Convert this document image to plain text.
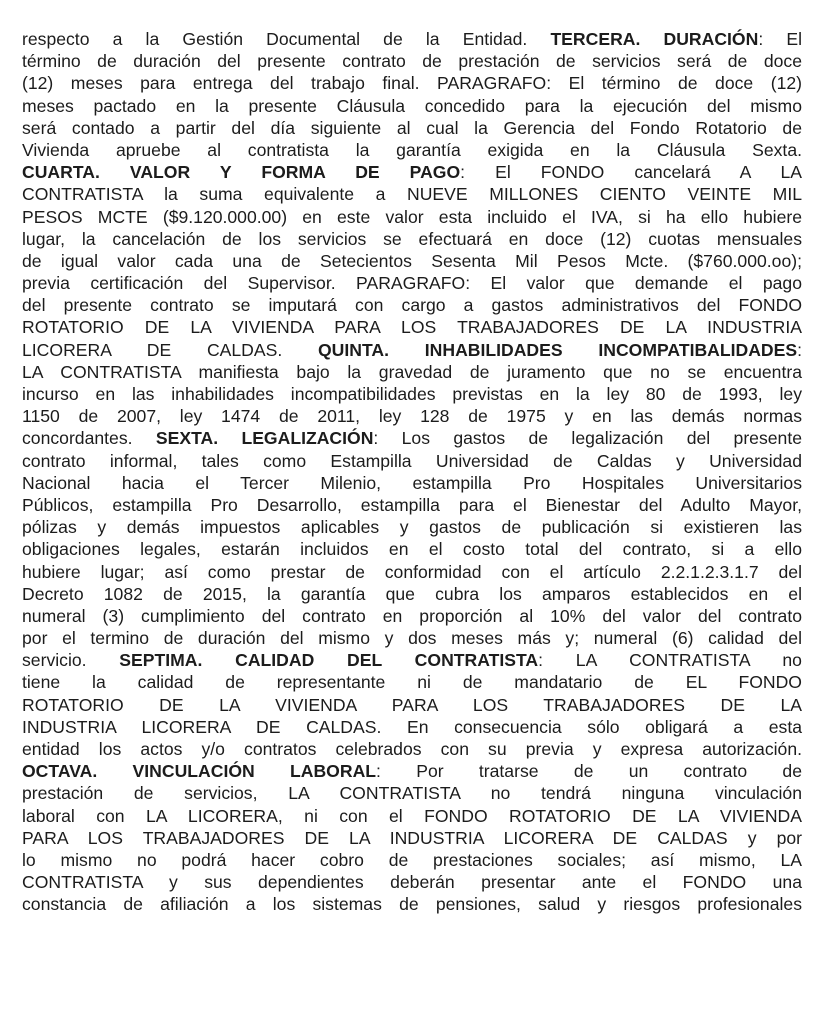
respecto a la Gestión Documental de la Entidad. TERCERA. DURACIÓN: El
término de duración del presente contrato de prestación de servicios será de doce
(12) meses para entrega del trabajo final. PARAGRAFO: El término de doce (12)
meses pactado en la presente Cláusula concedido para la ejecución del mismo
será contado a partir del día siguiente al cual la Gerencia del Fondo Rotatorio de
Vivienda apruebe al contratista la garantía exigida en la Cláusula Sexta.
CUARTA. VALOR Y FORMA DE PAGO: El FONDO cancelará A LA
CONTRATISTA la suma equivalente a NUEVE MILLONES CIENTO VEINTE MIL
PESOS MCTE ($9.120.000.00) en este valor esta incluido el IVA, si ha ello hubiere
lugar, la cancelación de los servicios se efectuará en doce (12) cuotas mensuales
de igual valor cada una de Setecientos Sesenta Mil Pesos Mcte. ($760.000.oo);
previa certificación del Supervisor. PARAGRAFO: El valor que demande el pago
del presente contrato se imputará con cargo a gastos administrativos del FONDO
ROTATORIO DE LA VIVIENDA PARA LOS TRABAJADORES DE LA INDUSTRIA
LICORERA DE CALDAS. QUINTA. INHABILIDADES INCOMPATIBALIDADES:
LA CONTRATISTA manifiesta bajo la gravedad de juramento que no se encuentra
incurso en las inhabilidades incompatibilidades previstas en la ley 80 de 1993, ley
1150 de 2007, ley 1474 de 2011, ley 128 de 1975 y en las demás normas
concordantes. SEXTA. LEGALIZACIÓN: Los gastos de legalización del presente
contrato informal, tales como Estampilla Universidad de Caldas y Universidad
Nacional hacia el Tercer Milenio, estampilla Pro Hospitales Universitarios
Públicos, estampilla Pro Desarrollo, estampilla para el Bienestar del Adulto Mayor,
pólizas y demás impuestos aplicables y gastos de publicación si existieren las
obligaciones legales, estarán incluidos en el costo total del contrato, si a ello
hubiere lugar; así como prestar de conformidad con el artículo 2.2.1.2.3.1.7 del
Decreto 1082 de 2015, la garantía que cubra los amparos establecidos en el
numeral (3) cumplimiento del contrato en proporción al 10% del valor del contrato
por el termino de duración del mismo y dos meses más y; numeral (6) calidad del
servicio. SEPTIMA. CALIDAD DEL CONTRATISTA: LA CONTRATISTA no
tiene la calidad de representante ni de mandatario de EL FONDO
ROTATORIO DE LA VIVIENDA PARA LOS TRABAJADORES DE LA
INDUSTRIA LICORERA DE CALDAS. En consecuencia sólo obligará a esta
entidad los actos y/o contratos celebrados con su previa y expresa autorización.
OCTAVA. VINCULACIÓN LABORAL: Por tratarse de un contrato de
prestación de servicios, LA CONTRATISTA no tendrá ninguna vinculación
laboral con LA LICORERA, ni con el FONDO ROTATORIO DE LA VIVIENDA
PARA LOS TRABAJADORES DE LA INDUSTRIA LICORERA DE CALDAS y por
lo mismo no podrá hacer cobro de prestaciones sociales; así mismo, LA
CONTRATISTA y sus dependientes deberán presentar ante el FONDO una
constancia de afiliación a los sistemas de pensiones, salud y riesgos profesionales
